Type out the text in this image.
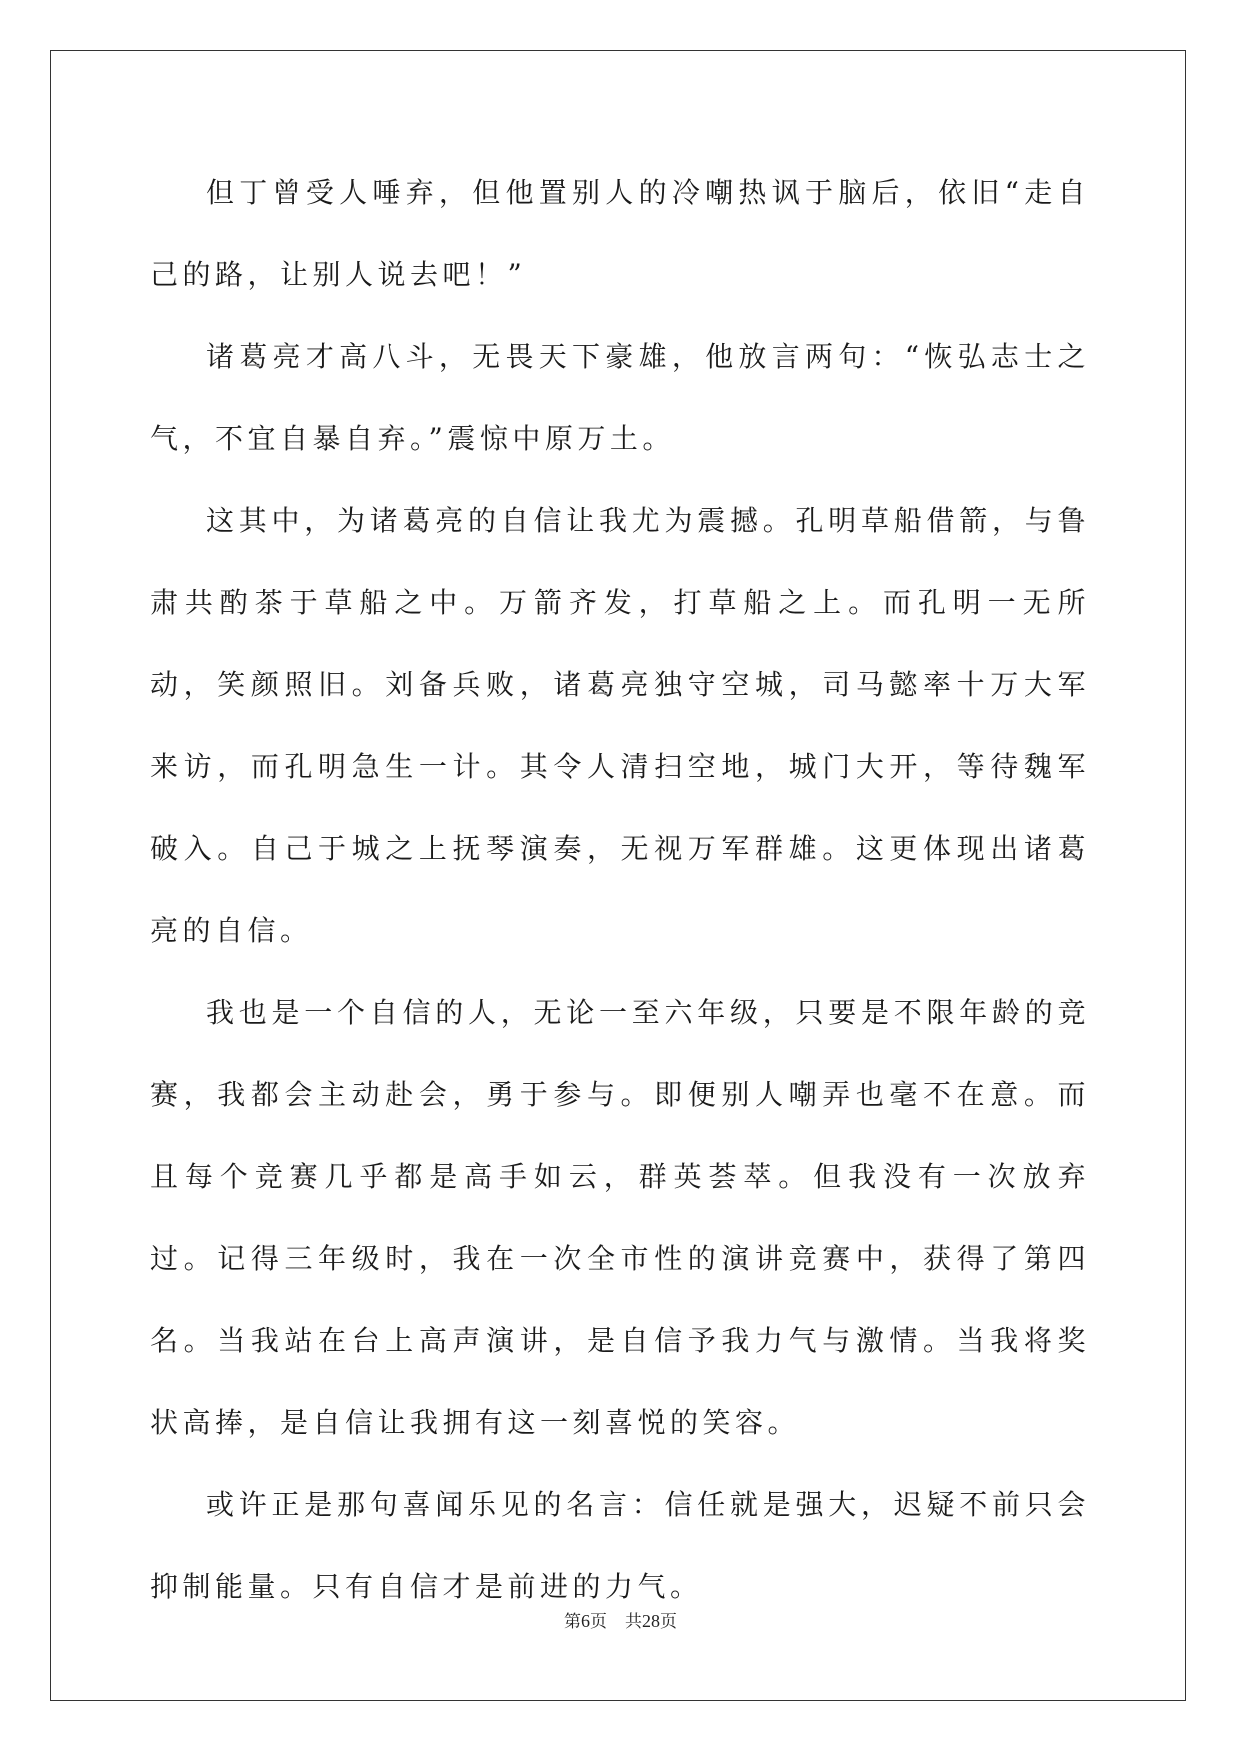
但丁曾受人唾弃，但他置别人的冷嘲热讽于脑后，依旧“走自己的路，让别人说去吧！”

诸葛亮才高八斗，无畏天下豪雄，他放言两句：“恢弘志士之气，不宜自暴自弃。”震惊中原万土。

这其中，为诸葛亮的自信让我尤为震撼。孔明草船借箭，与鲁肃共酌茶于草船之中。万箭齐发，打草船之上。而孔明一无所动，笑颜照旧。刘备兵败，诸葛亮独守空城，司马懿率十万大军来访，而孔明急生一计。其令人清扫空地，城门大开，等待魏军破入。自己于城之上抚琴演奏，无视万军群雄。这更体现出诸葛亮的自信。

我也是一个自信的人，无论一至六年级，只要是不限年龄的竞赛，我都会主动赴会，勇于参与。即便别人嘲弄也毫不在意。而且每个竞赛几乎都是高手如云，群英荟萃。但我没有一次放弃过。记得三年级时，我在一次全市性的演讲竞赛中，获得了第四名。当我站在台上高声演讲，是自信予我力气与激情。当我将奖状高捧，是自信让我拥有这一刻喜悦的笑容。

或许正是那句喜闻乐见的名言：信任就是强大，迟疑不前只会抑制能量。只有自信才是前进的力气。

第6页 共28页
